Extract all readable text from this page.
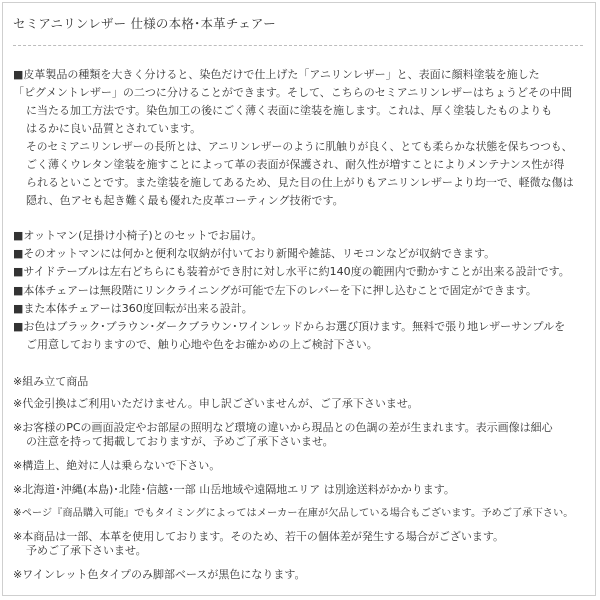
セミアニリンレザー 仕様の本格･本革チェアー
■皮革製品の種類を大きく分けると、染色だけで仕上げた「アニリンレザー」と、表面に顔料塗装を施した
「ピグメントレザー」の二つに分けることができます。そして、こちらのセミアニリンレザーはちょうどその中間
に当たる加工方法です。染色加工の後にごく薄く表面に塗装を施します。これは、厚く塗装したものよりも
はるかに良い品質とされています。
そのセミアニリンレザーの長所とは、アニリンレザーのように肌触りが良く、とても柔らかな状態を保ちつつも、
ごく薄くウレタン塗装を施すことによって革の表面が保護され、耐久性が増すことによりメンテナンス性が得
られるといことです。また塗装を施してあるため、見た目の仕上がりもアニリンレザーより均一で、軽微な傷は
隠れ、色アセも起き難く最も優れた皮革コーティング技術です。
■オットマン(足掛け小椅子)とのセットでお届け。
■そのオットマンには何かと便利な収納が付いており新聞や雑誌、リモコンなどが収納できます。
■サイドテーブルは左右どちらにも装着ができ肘に対し水平に約140度の範囲内で動かすことが出来る設計です。
■本体チェアーは無段階にリンクライニングが可能で左下のレバーを下に押し込むことで固定ができます。
■また本体チェアーは360度回転が出来る設計。
■お色はブラック･ブラウン･ダークブラウン･ワインレッドからお選び頂けます。無料で張り地レザーサンプルを
ご用意しておりますので、触り心地や色をお確かめの上ご検討下さい。
※組み立て商品
※代金引換はご利用いただけません。申し訳ございませんが、ご了承下さいませ。
※お客様のPCの画面設定やお部屋の照明など環境の違いから現品との色調の差が生まれます。表示画像は細心
の注意を持って掲載しておりますが、予めご了承下さいませ。
※構造上、絶対に人は乗らないで下さい。
※北海道･沖縄(本島)･北陸･信越･一部 山岳地域や遠隔地エリア は別途送料がかかります。
※ページ『商品購入可能』でもタイミングによってはメーカー在庫が欠品している場合もございます。予めご了承下さい。
※本商品は一部、本革を使用しております。そのため、若干の個体差が発生する場合がございます。
予めご了承下さいませ。
※ワインレット色タイプのみ脚部ベースが黒色になります。
